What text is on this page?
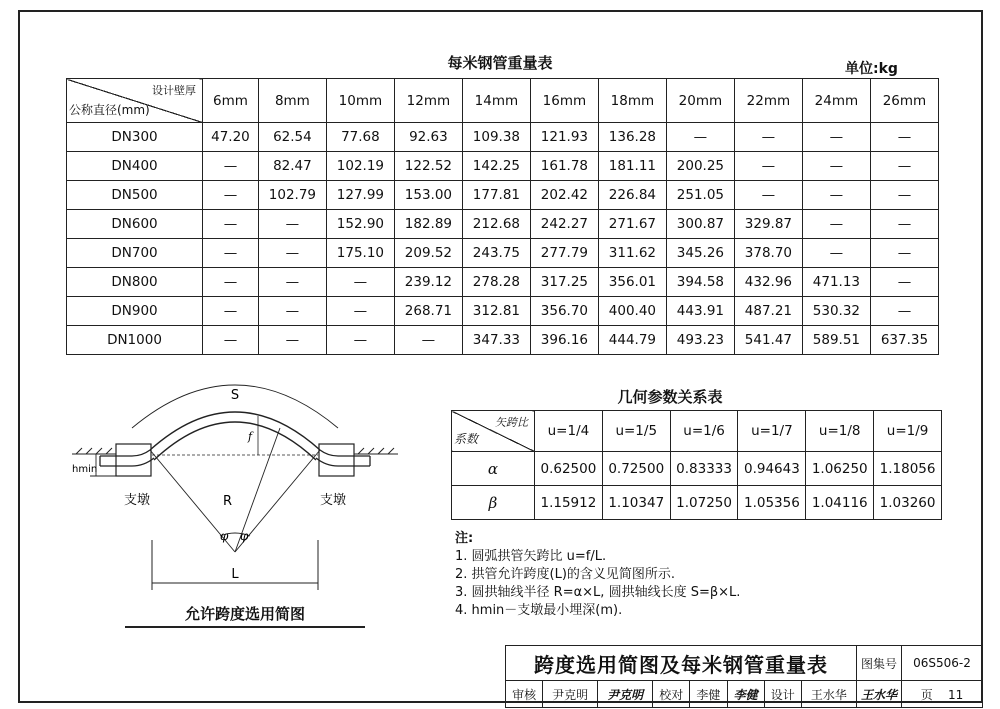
每米钢管重量表	单位:kg
设计壁厚
公称直径(mm)	6mm	8mm	10mm	12mm	14mm	16mm	18mm	20mm	22mm	24mm	26mm
DN300	47.20	62.54	77.68	92.63	109.38	121.93	136.28	—	—	—	—
DN400	—	82.47	102.19	122.52	142.25	161.78	181.11	200.25	—	—	—
DN500	—	102.79	127.99	153.00	177.81	202.42	226.84	251.05	—	—	—
DN600	—	—	152.90	182.89	212.68	242.27	271.67	300.87	329.87	—	—
DN700	—	—	175.10	209.52	243.75	277.79	311.62	345.26	378.70	—	—
DN800	—	—	—	239.12	278.28	317.25	356.01	394.58	432.96	471.13	—
DN900	—	—	—	268.71	312.81	356.70	400.40	443.91	487.21	530.32	—
DN1000	—	—	—	—	347.33	396.16	444.79	493.23	541.47	589.51	637.35
几何参数关系表
矢跨比
系数	u=1/4	u=1/5	u=1/6	u=1/7	u=1/8	u=1/9
α	0.62500	0.72500	0.83333	0.94643	1.06250	1.18056
β	1.15912	1.10347	1.07250	1.05356	1.04116	1.03260
注:
1. 圆弧拱管矢跨比 u=f/L.
2. 拱管允许跨度(L)的含义见简图所示.
3. 圆拱轴线半径 R=α×L, 圆拱轴线长度 S=β×L.
4. hmin－支墩最小埋深(m).
S
f
R
φ φ
L
hmin
支墩	支墩
允许跨度选用简图
跨度选用简图及每米钢管重量表								图集号	06S506-2
审核	尹克明	尹克明	校对	李健	李健	设计	王水华	王水华	页 11
